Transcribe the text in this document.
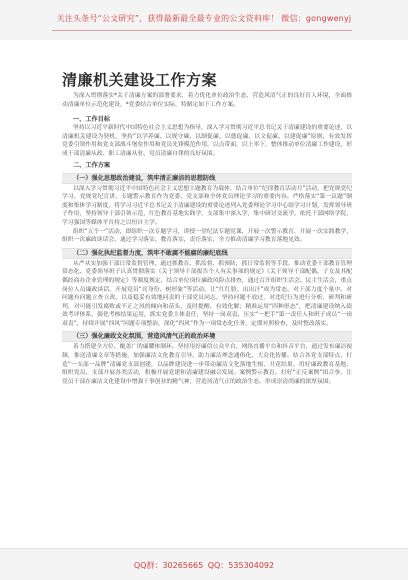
关注头条号“公文研究”，获得最新最全最专业的公文资料库！ 微信：gongwenyj
清廉机关建设工作方案

为深入贯彻落实*关于清廉方案的部署要求，着力优化单位政治生态，营造风清气正的良好育人环境，全面推动清廉单位示范化建设，*党委结合单位实际，特制定如下工作方案。

一、工作目标

坚持以习近平新时代中国特色社会主义思想为指导，深入学习贯彻习近平总书记关于清廉建设的重要论述，以清廉机关建设为契机，坚持“以学养廉、以规守廉、以制促廉、以德促廉、以文促廉、以建促廉”原则，有效发挥党委引领作用和党支部战斗堡垒作用和党员先锋模范作用，以点带面，以上率下，整体推动单位清廉工作建设，形成干部清廉从政、职工清廉从业、党员清廉自律的良好氛围。

二、工作方案

（一）强化思想政治建设，筑牢清正廉洁的思想防线

以深入学习贯彻习近平中国特色社会主义思想主题教育为载体，结合单位“纪律教育活动月”活动，把党规党纪学习，党规党纪宣讲，专题警示教育作为党委、党支部和全体党员理论学习的重要内容。严格落实“第一议题”制度和集体学习制度，将学习习近平总书记关于清廉建设的重要论述列入党委理论学习中心组学习计划，发挥领导班子作用，坚持领导干部引领示范，红色教育基地实践学，支部集中深入学，集中研讨交流学，依托干部网络学院，学习强国等媒体平台持之以恒自主学。

组织“五个一”活动，即组织一次专题学习，讲授一堂纪法专题党课，开展一次警示教育，开展一次实践教学，组织一次廉政谈话会，通过学习落实、教育落实，责任落实，全力推动清廉学习教育落地见效。

（二）强化执纪监督力度，筑牢不敢腐不能腐的廉纪底线

从严从实加强干部日常监督管理，通过抓教育、抓监督、抓预防，抓日常监督等手段，推动党委干部教育管理常态化、党委领导班子认真贯彻落实《关于领导干部报告个人有关事项的规定》《关于领导干部配偶、子女及其配偶经商办企业管理的规定》等制度规定，结合单位岗位廉政风险点排查，通过召开组织生活会、民主生活会，重点岗位人员廉政谈话，开展党员“亮身份、树形象”等活动，让“红红脸、出出汗”成为常态，对干部力度个量中、对问题有问题立查立改，以及稳妥有效地问责的干部党员同志，坚持问题不放过，对违纪行为进行分析，研判和研判，对可能引发腐败或不正之风的倾向和苗头，及时提醒，有效化解；精准运用“四种形态”，把清廉建设纳入绩效考评体系，强化考核结果运用，抓实党委主体责任，坚持一岗双责，压实“一把手”第一责任人和班子成员“一岗双责”，持续开展“四风”问题专项整治，深化“四风”作为一项常态化任务，定期对照检查，及时整改落实。

（三）强化廉政文化氛围，营造风清气正的政治环境

着力搭建全方位、覆盖广的廉耀体制环，坚持用好廉信公众平台，网络直播平台和抖音平台，通过发布廉洁视频，推送清廉文章等措施，加强廉洁文化教育引导，助力廉洁理念通俗化、大众化传播。结合各党支部特点，打造“一支部一品牌”清廉党支部创建，以品牌建设进一步带动廉洁文化落地生根，开花结果，用好廉政教育基地，组织党员、支部开展各类活动，积极开展党建和清廉建设融合发展。案例警示教育，打好“正反案例”组合拳，让党员干部在廉洁文化建设中增强干事创业的精气神，营造风清气正的政治生态，形成崇清尚廉的浓厚氛围。

QQ群：30265665 QQ：535304092
